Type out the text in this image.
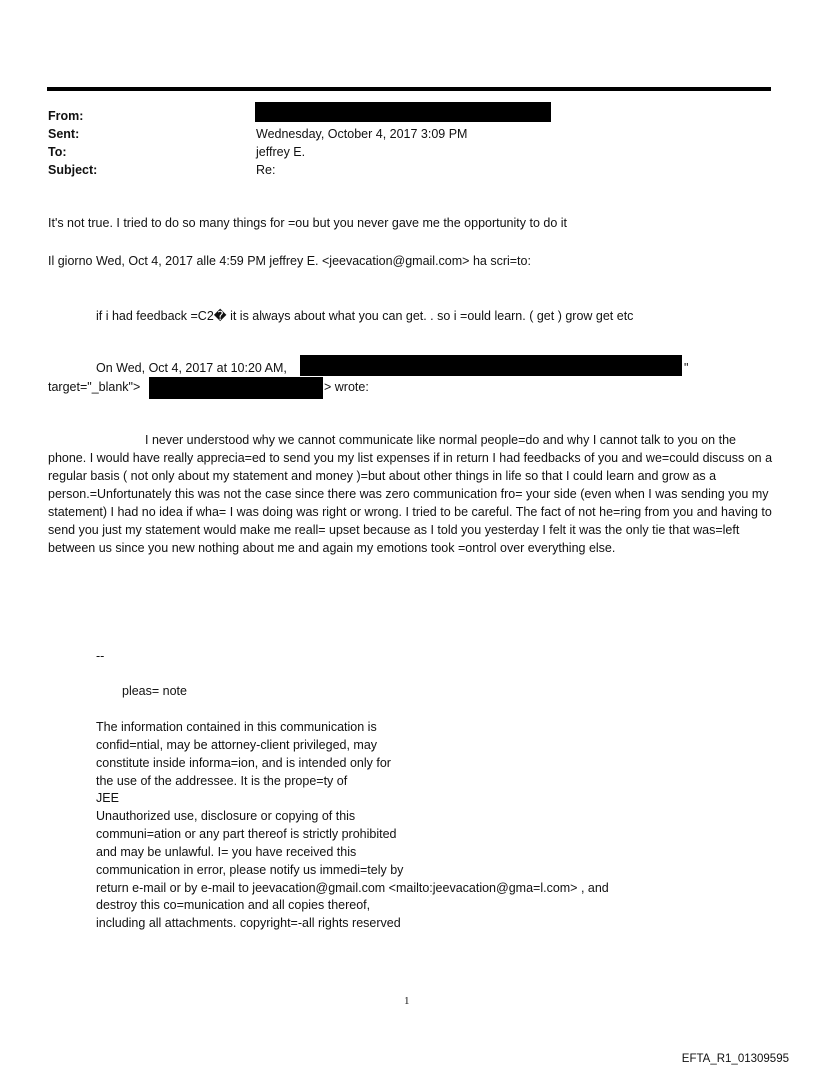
From:
Sent:
To:
Subject:
Wednesday, October 4, 2017 3:09 PM
jeffrey E.
Re:
It's not true. I tried to do so many things for =ou but you never gave me the opportunity to do it
Il giorno Wed, Oct 4, 2017 alle 4:59 PM jeffrey E. <jeevacation@gmail.com> ha scri=to:
if i had feedback =C2� it is always about what you can get. . so i =ould learn. ( get ) grow get etc
On Wed, Oct 4, 2017 at 10:20 AM,	"
target="_blank">	> wrote:
I never understood why we cannot communicate like normal people=do and why I cannot talk to you on the phone. I would have really apprecia=ed to send you my list expenses if in return I had feedbacks of you and we=could discuss on a regular basis ( not only about my statement and money )=but about other things in life so that I could learn and grow as a person.=Unfortunately this was not the case since there was zero communication fro= your side (even when I was sending you my statement) I had no idea if wha= I was doing was right or wrong. I tried to be careful. The fact of not he=ring from you and having to send you just my statement would make me reall= upset because as I told you yesterday I felt it was the only tie that was=left between us since you new nothing about me and again my emotions took =ontrol over everything else.
--
pleas= note
The information contained in this communication is
confid=ntial, may be attorney-client privileged, may
constitute inside informa=ion, and is intended only for
the use of the addressee. It is the prope=ty of
JEE
Unauthorized use, disclosure or copying of this
communi=ation or any part thereof is strictly prohibited
and may be unlawful. I= you have received this
communication in error, please notify us immedi=tely by
return e-mail or by e-mail to jeevacation@gmail.com <mailto:jeevacation@gma=l.com> , and
destroy this co=munication and all copies thereof,
including all attachments. copyright=-all rights reserved
1
EFTA_R1_01309595
